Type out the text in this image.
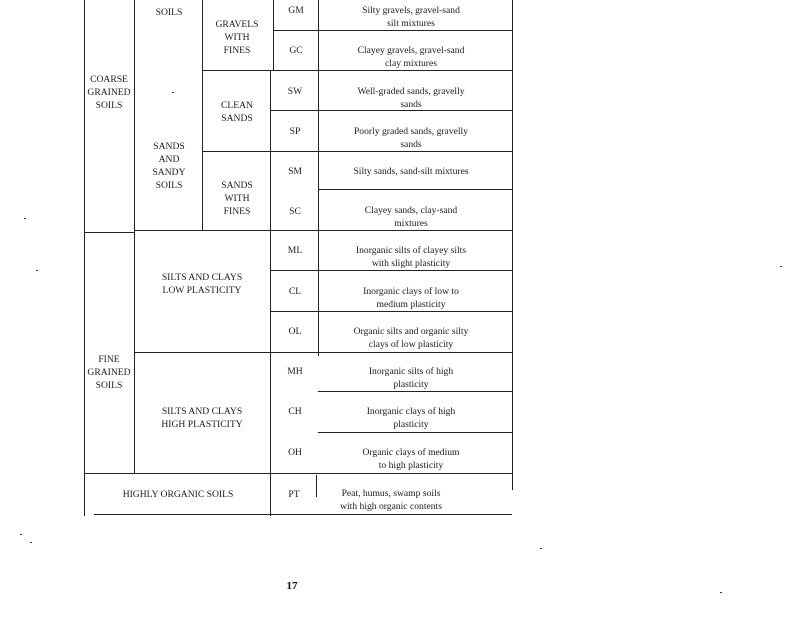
SOILS
GRAVELS
WITH
FINES
COARSE
GRAINED
SOILS	CLEAN
SANDS
SANDS
AND
SANDY
SOILS	SANDS
WITH
FINES
SILTS AND CLAYS
LOW PLASTICITY
FINE
GRAINED
SOILS
SILTS AND CLAYS
HIGH PLASTICITY
HIGHLY ORGANIC SOILS
GM
GC
SW
SP
SM
SC
ML
CL
OL
MH
CH
OH
PT
Silty gravels, gravel-sand
silt mixtures
Clayey gravels, gravel-sand
clay mixtures
Well-graded sands, gravelly
sands
Poorly graded sands, gravelly
sands
Silty sands, sand-silt mixtures
Clayey sands, clay-sand
mixtures
Inorganic silts of clayey silts
with slight plasticity
Inorganic clays of low to
medium plasticity
Organic silts and organic silty
clays of low plasticity
Inorganic silts of high
plasticity
Inorganic clays of high
plasticity
Organic clays of medium
to high plasticity
Peat, humus, swamp soils
with high organic contents
17
